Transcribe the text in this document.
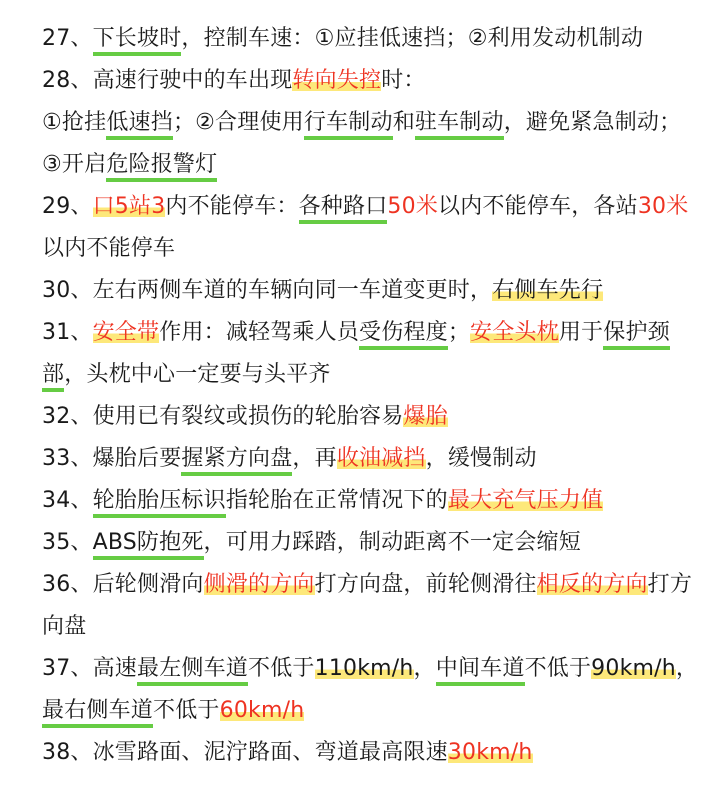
27、下长坡时，控制车速：①应挂低速挡；②利用发动机制动
28、高速行驶中的车出现转向失控时：
①抢挂低速挡；②合理使用行车制动和驻车制动，避免紧急制动；
③开启危险报警灯
29、口5站3内不能停车：各种路口50米以内不能停车，各站30米
以内不能停车
30、左右两侧车道的车辆向同一车道变更时，右侧车先行
31、安全带作用：减轻驾乘人员受伤程度；安全头枕用于保护颈
部，头枕中心一定要与头平齐
32、使用已有裂纹或损伤的轮胎容易爆胎
33、爆胎后要握紧方向盘，再收油减挡，缓慢制动
34、轮胎胎压标识指轮胎在正常情况下的最大充气压力值
35、ABS防抱死，可用力踩踏，制动距离不一定会缩短
36、后轮侧滑向侧滑的方向打方向盘，前轮侧滑往相反的方向打方
向盘
37、高速最左侧车道不低于110km/h，中间车道不低于90km/h，
最右侧车道不低于60km/h
38、冰雪路面、泥泞路面、弯道最高限速30km/h
